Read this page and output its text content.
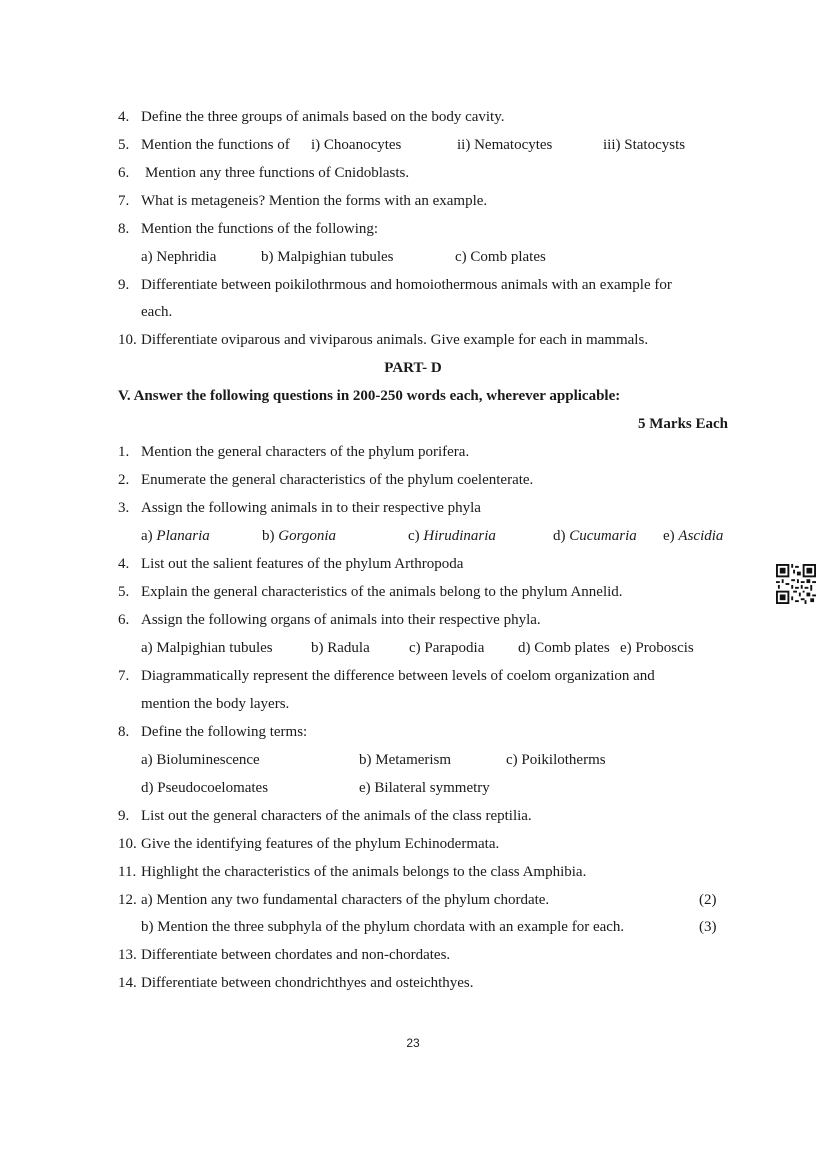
4. Define the three groups of animals based on the body cavity.
5. Mention the functions of i) Choanocytes	ii) Nematocytes	iii) Statocysts
6. Mention any three functions of Cnidoblasts.
7. What is metageneis? Mention the forms with an example.
8. Mention the functions of the following:
a) Nephridia	b) Malpighian tubules	c) Comb plates
9. Differentiate between poikilothrmous and homoiothermous animals with an example for
each.
10. Differentiate oviparous and viviparous animals. Give example for each in mammals.
PART- D
V. Answer the following questions in 200-250 words each, wherever applicable:
5 Marks Each
1. Mention the general characters of the phylum porifera.
2. Enumerate the general characteristics of the phylum coelenterate.
3. Assign the following animals in to their respective phyla
a) Planaria	b) Gorgonia	c) Hirudinaria	d) Cucumaria e) Ascidia
4. List out the salient features of the phylum Arthropoda
5. Explain the general characteristics of the animals belong to the phylum Annelid.
6. Assign the following organs of animals into their respective phyla.
a) Malpighian tubules	b) Radula	c) Parapodia d) Comb plates e) Proboscis
7. Diagrammatically represent the difference between levels of coelom organization and
mention the body layers.
8. Define the following terms:
a) Bioluminescence	b) Metamerism	c) Poikilotherms
d) Pseudocoelomates	e) Bilateral symmetry
9. List out the general characters of the animals of the class reptilia.
10. Give the identifying features of the phylum Echinodermata.
11. Highlight the characteristics of the animals belongs to the class Amphibia.
12. a) Mention any two fundamental characters of the phylum chordate.	(2)
b) Mention the three subphyla of the phylum chordata with an example for each.	(3)
13. Differentiate between chordates and non-chordates.
14. Differentiate between chondrichthyes and osteichthyes.
23
